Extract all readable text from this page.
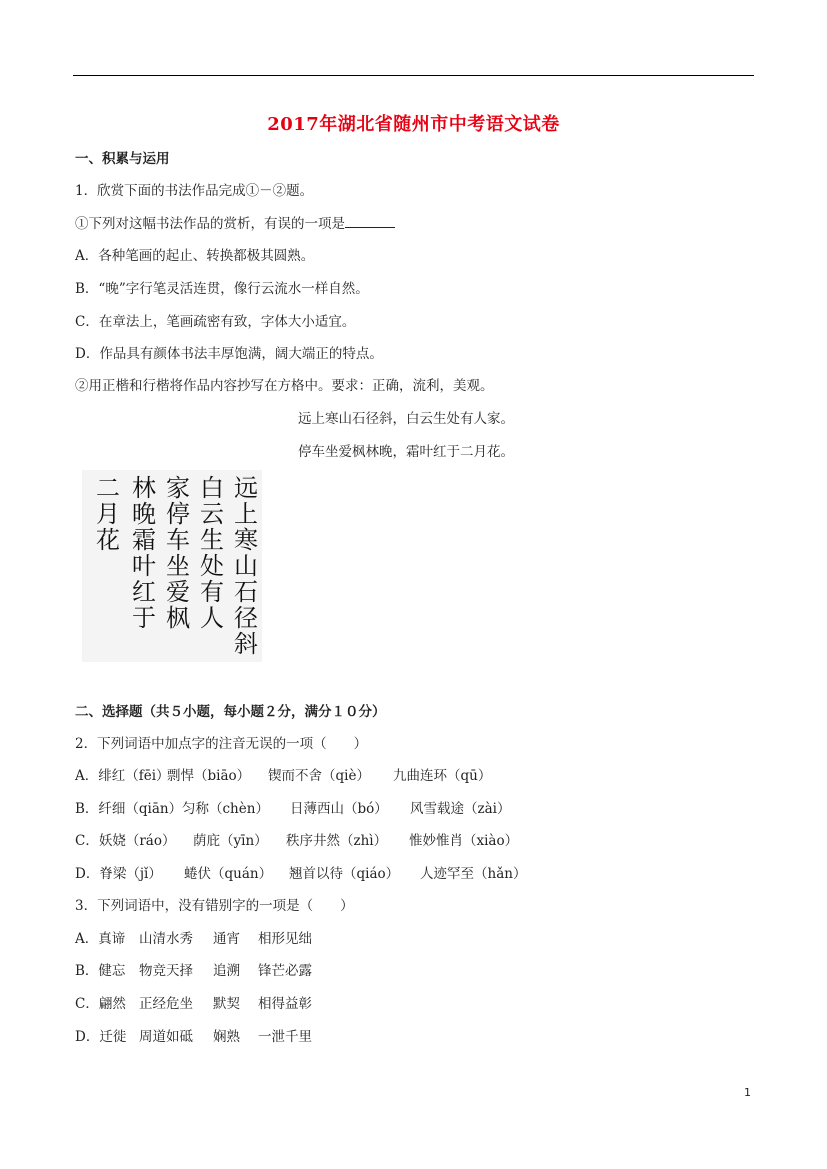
2017年湖北省随州市中考语文试卷
一、积累与运用
1．欣赏下面的书法作品完成①－②题。
①下列对这幅书法作品的赏析，有误的一项是
A．各种笔画的起止、转换都极其圆熟。
B．“晚”字行笔灵活连贯，像行云流水一样自然。
C．在章法上，笔画疏密有致，字体大小适宜。
D．作品具有颜体书法丰厚饱满，阔大端正的特点。
②用正楷和行楷将作品内容抄写在方格中。要求：正确，流利，美观。
远上寒山石径斜，白云生处有人家。
停车坐爱枫林晚，霜叶红于二月花。
远
上
寒
山
石
径
斜
白
云
生
处
有
人
家
停
车
坐
爱
枫
林
晚
霜
叶
红
于
二
月
花
二、选择题（共５小题，每小题２分，满分１０分）
2．下列词语中加点字的注音无误的一项（　　）
A．绯红（fēi）剽悍（biāo） 锲而不舍（qiè） 九曲连环（qū）
B．纤细（qiān）匀称（chèn） 日薄西山（bó） 风雪载途（zài）
C．妖娆（ráo） 荫庇（yīn） 秩序井然（zhì） 惟妙惟肖（xiào）
D．脊梁（jǐ） 蜷伏（quán） 翘首以待（qiáo） 人迹罕至（hǎn）
3．下列词语中，没有错别字的一项是（　　）
A．真谛 山清水秀 通宵 相形见绌
B．健忘 物竞天择 追溯 锋芒必露
C．翩然 正经危坐 默契 相得益彰
D．迁徙 周道如砥 娴熟 一泄千里
1
